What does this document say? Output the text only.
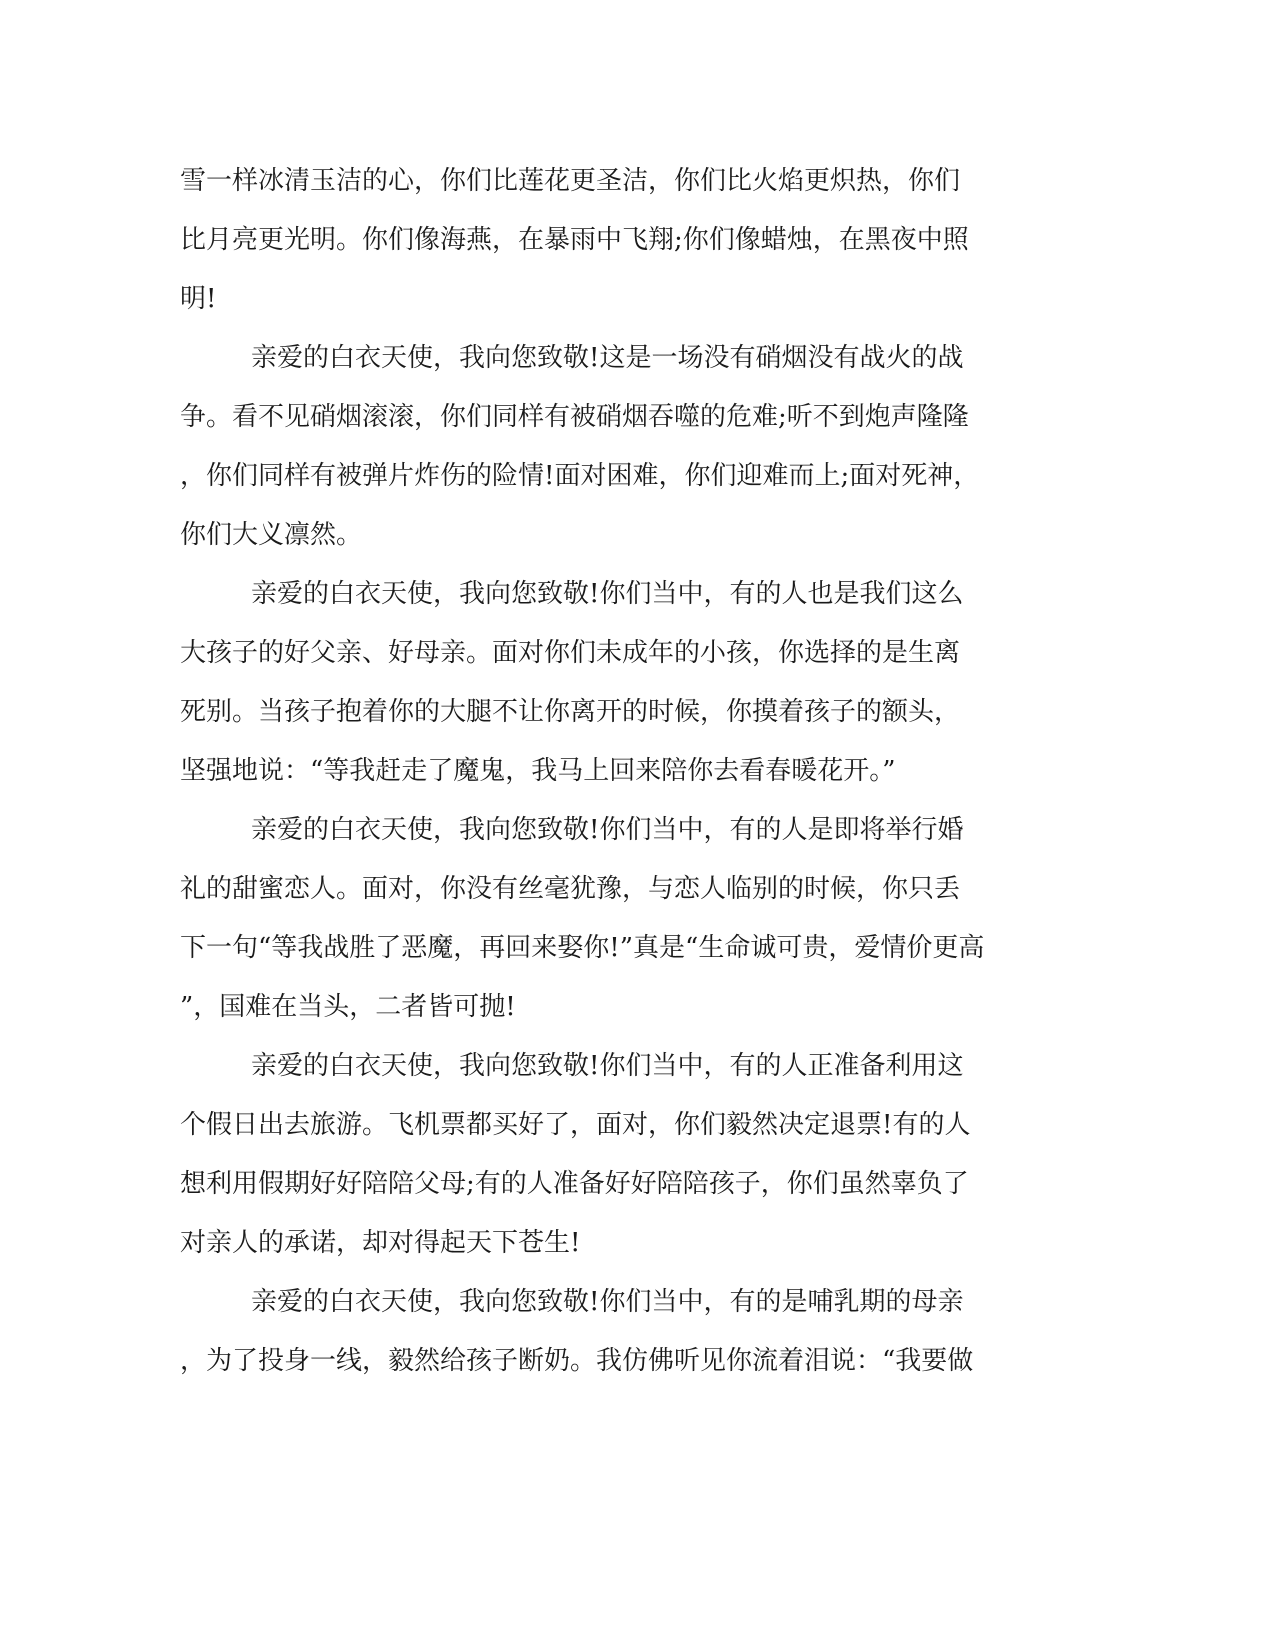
雪一样冰清玉洁的心，你们比莲花更圣洁，你们比火焰更炽热，你们
比月亮更光明。你们像海燕，在暴雨中飞翔;你们像蜡烛，在黑夜中照
明!
亲爱的白衣天使，我向您致敬!这是一场没有硝烟没有战火的战
争。看不见硝烟滚滚，你们同样有被硝烟吞噬的危难;听不到炮声隆隆
，你们同样有被弹片炸伤的险情!面对困难，你们迎难而上;面对死神，
你们大义凛然。
亲爱的白衣天使，我向您致敬!你们当中，有的人也是我们这么
大孩子的好父亲、好母亲。面对你们未成年的小孩，你选择的是生离
死别。当孩子抱着你的大腿不让你离开的时候，你摸着孩子的额头，
坚强地说：“等我赶走了魔鬼，我马上回来陪你去看春暖花开。”
亲爱的白衣天使，我向您致敬!你们当中，有的人是即将举行婚
礼的甜蜜恋人。面对，你没有丝毫犹豫，与恋人临别的时候，你只丢
下一句“等我战胜了恶魔，再回来娶你!”真是“生命诚可贵，爱情价更高
”，国难在当头，二者皆可抛!
亲爱的白衣天使，我向您致敬!你们当中，有的人正准备利用这
个假日出去旅游。飞机票都买好了，面对，你们毅然决定退票!有的人
想利用假期好好陪陪父母;有的人准备好好陪陪孩子，你们虽然辜负了
对亲人的承诺，却对得起天下苍生!
亲爱的白衣天使，我向您致敬!你们当中，有的是哺乳期的母亲
，为了投身一线，毅然给孩子断奶。我仿佛听见你流着泪说：“我要做
